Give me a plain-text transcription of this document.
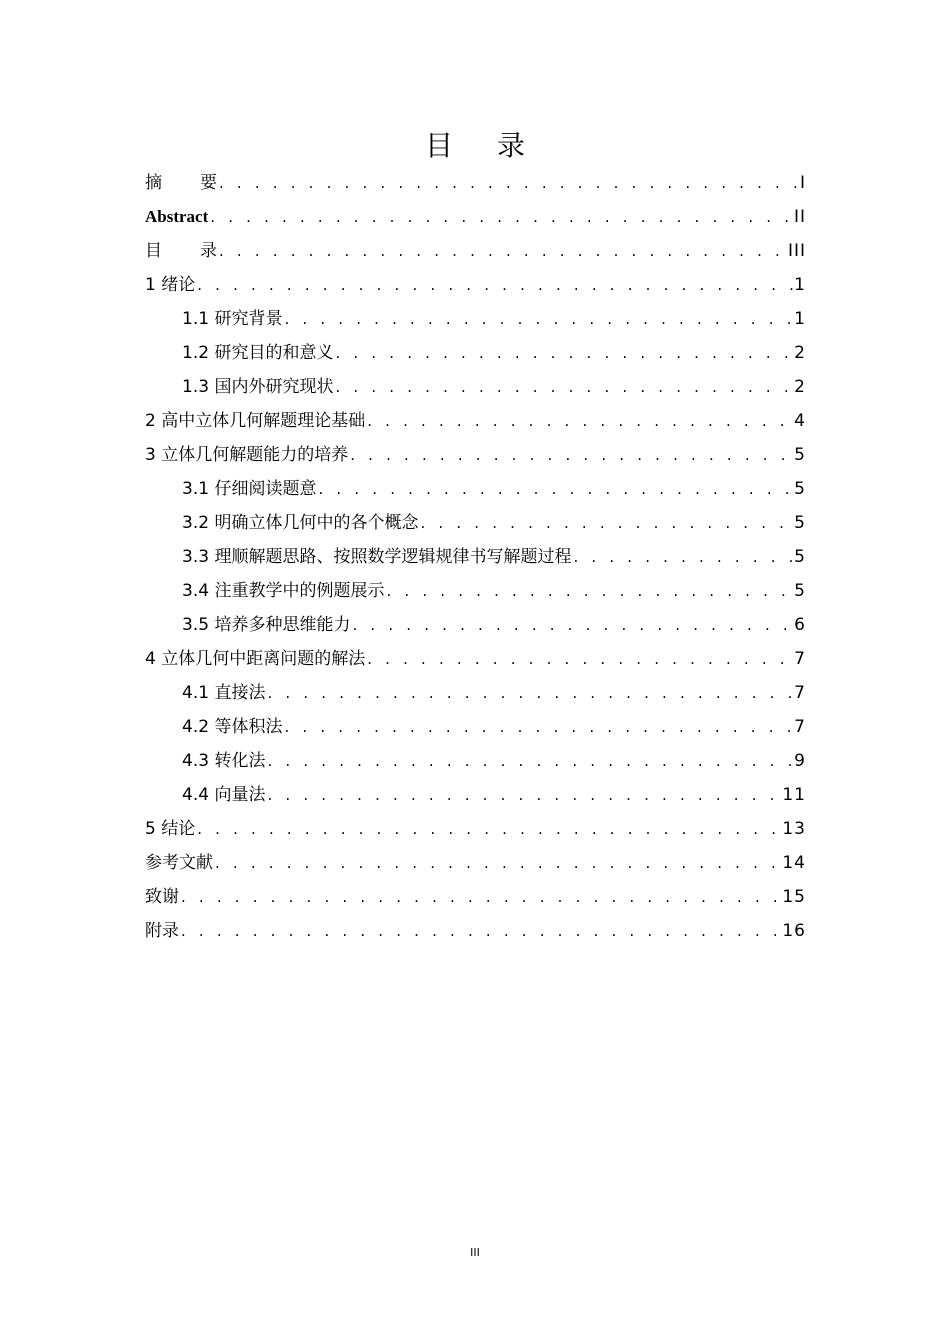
目录
摘要 . . .	I
Abstract . . .	II
目录 . . .	III
1 绪论 . . .	1
1.1 研究背景 . . .	1
1.2 研究目的和意义 . . .	2
1.3 国内外研究现状 . . .	2
2 高中立体几何解题理论基础 . . .	4
3 立体几何解题能力的培养 . . .	5
3.1 仔细阅读题意 . . .	5
3.2 明确立体几何中的各个概念 . . .	5
3.3 理顺解题思路、按照数学逻辑规律书写解题过程 . . .	5
3.4 注重教学中的例题展示 . . .	5
3.5 培养多种思维能力 . . .	6
4 立体几何中距离问题的解法 . . .	7
4.1 直接法 . . .	7
4.2 等体积法 . . .	7
4.3 转化法 . . .	9
4.4 向量法 . . .	11
5 结论 . . .	13
参考文献 . . .	14
致谢 . . .	15
附录 . . .	16
III
